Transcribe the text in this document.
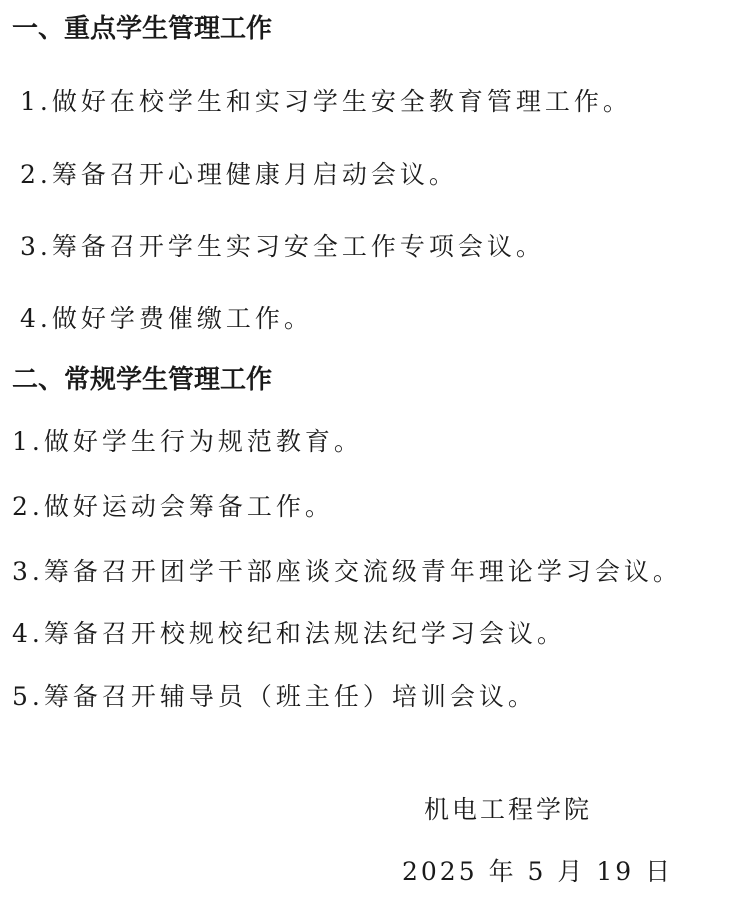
一、重点学生管理工作

1.做好在校学生和实习学生安全教育管理工作。

2.筹备召开心理健康月启动会议。

3.筹备召开学生实习安全工作专项会议。

4.做好学费催缴工作。

二、常规学生管理工作

1.做好学生行为规范教育。

2.做好运动会筹备工作。

3.筹备召开团学干部座谈交流级青年理论学习会议。

4.筹备召开校规校纪和法规法纪学习会议。

5.筹备召开辅导员（班主任）培训会议。

机电工程学院
2025 年 5 月 19 日
